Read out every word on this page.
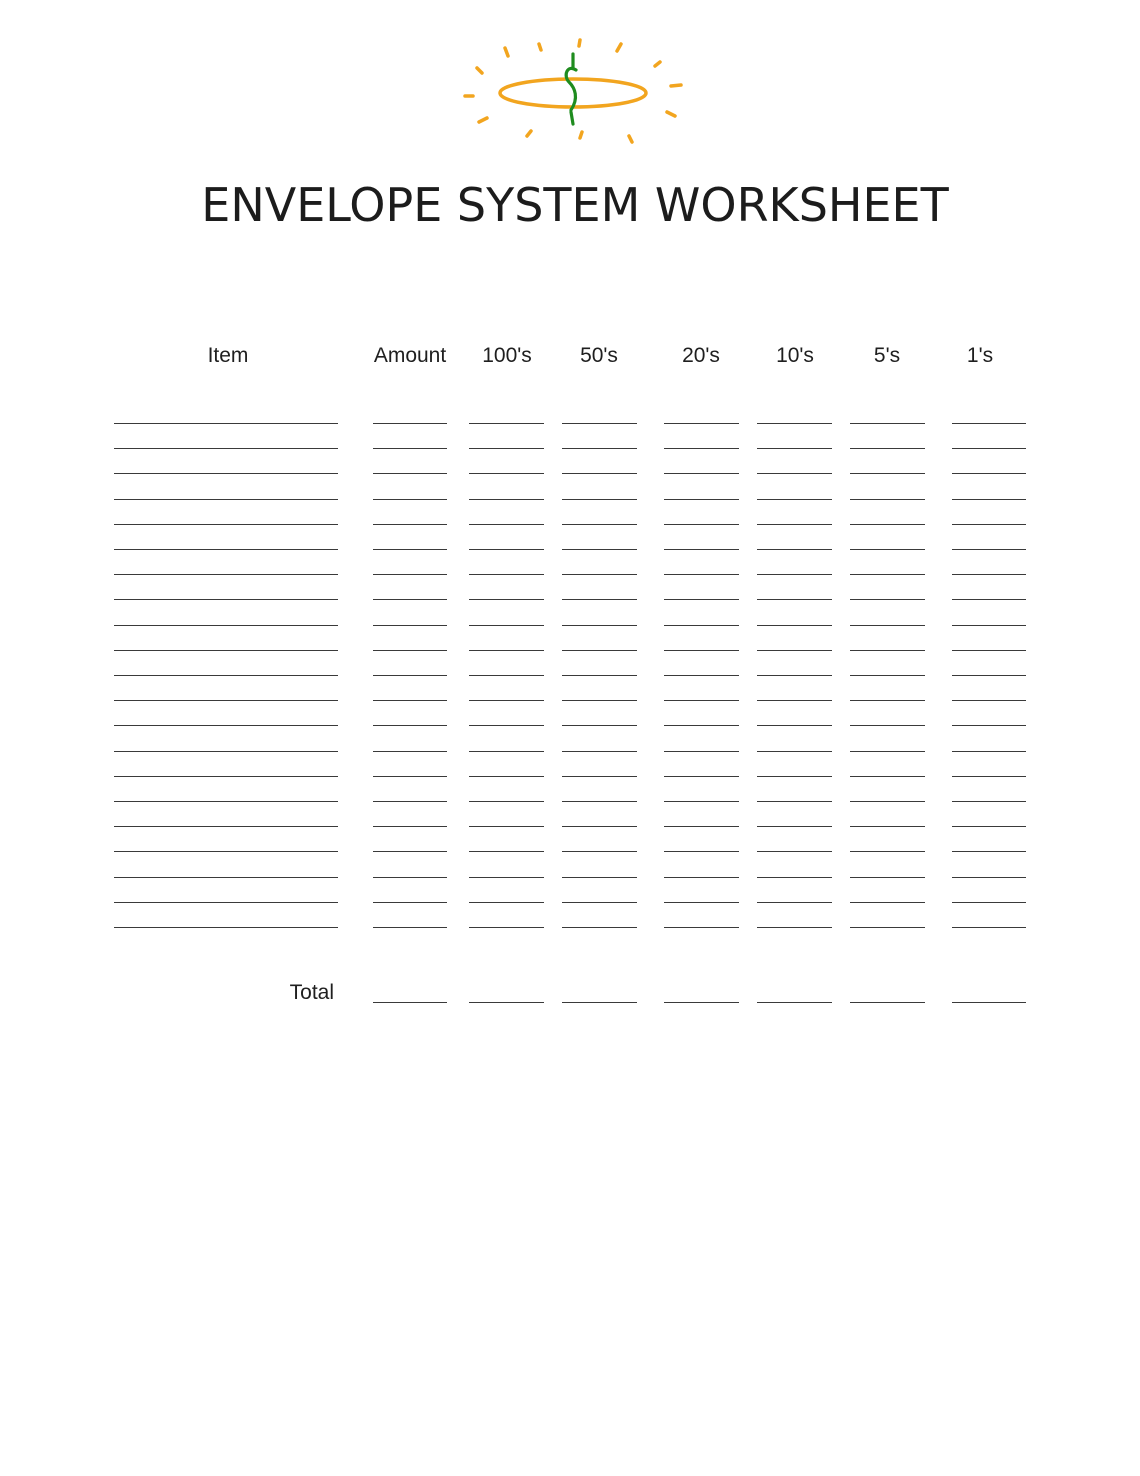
ENVELOPE SYSTEM WORKSHEET
Item	Amount	100's	50's	20's	10's	5's	1's
Total
